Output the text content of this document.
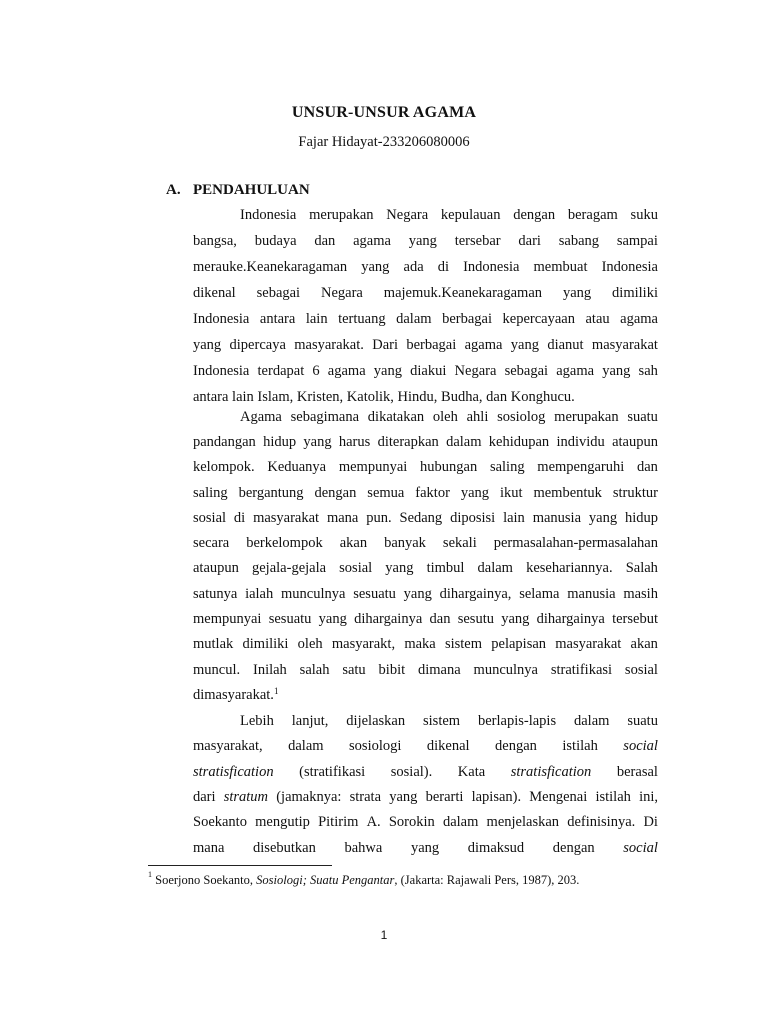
UNSUR-UNSUR AGAMA
Fajar Hidayat-233206080006
A. PENDAHULUAN
Indonesia merupakan Negara kepulauan dengan beragam suku
bangsa, budaya dan agama yang tersebar dari sabang sampai
merauke.Keanekaragaman yang ada di Indonesia membuat Indonesia
dikenal sebagai Negara majemuk.Keanekaragaman yang dimiliki
Indonesia antara lain tertuang dalam berbagai kepercayaan atau agama
yang dipercaya masyarakat. Dari berbagai agama yang dianut masyarakat
Indonesia terdapat 6 agama yang diakui Negara sebagai agama yang sah
antara lain Islam, Kristen, Katolik, Hindu, Budha, dan Konghucu.
Agama sebagimana dikatakan oleh ahli sosiolog merupakan suatu
pandangan hidup yang harus diterapkan dalam kehidupan individu ataupun
kelompok. Keduanya mempunyai hubungan saling mempengaruhi dan
saling bergantung dengan semua faktor yang ikut membentuk struktur
sosial di masyarakat mana pun. Sedang diposisi lain manusia yang hidup
secara berkelompok akan banyak sekali permasalahan-permasalahan
ataupun gejala-gejala sosial yang timbul dalam kesehariannya. Salah
satunya ialah munculnya sesuatu yang dihargainya, selama manusia masih
mempunyai sesuatu yang dihargainya dan sesutu yang dihargainya tersebut
mutlak dimiliki oleh masyarakt, maka sistem pelapisan masyarakat akan
muncul. Inilah salah satu bibit dimana munculnya stratifikasi sosial
dimasyarakat.$^1$
Lebih lanjut, dijelaskan sistem berlapis-lapis dalam suatu
masyarakat, dalam sosiologi dikenal dengan istilah social
stratisfication (stratifikasi sosial). Kata stratisfication berasal
dari stratum (jamaknya: strata yang berarti lapisan). Mengenai istilah ini,
Soekanto mengutip Pitirim A. Sorokin dalam menjelaskan definisinya. Di
mana disebutkan bahwa yang dimaksud dengan social
$^1$ Soerjono Soekanto, Sosiologi; Suatu Pengantar, (Jakarta: Rajawali Pers, 1987), 203.
1
